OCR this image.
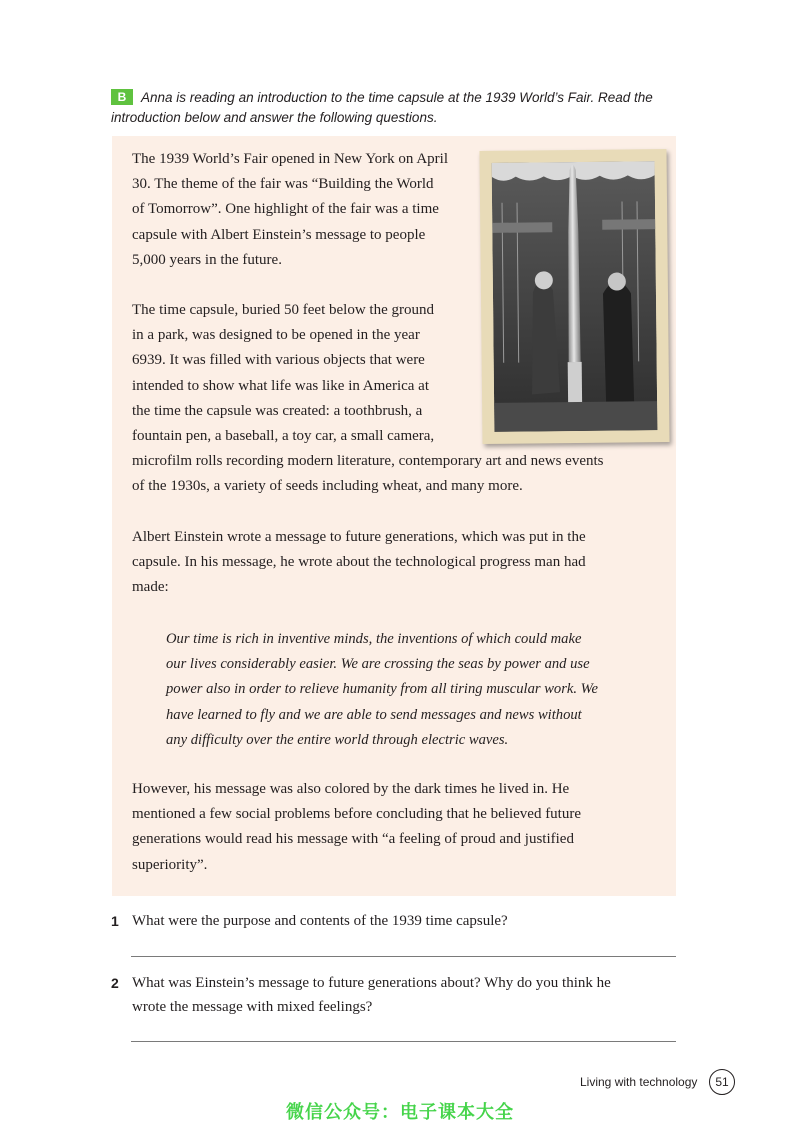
B Anna is reading an introduction to the time capsule at the 1939 World’s Fair. Read the
introduction below and answer the following questions.

The 1939 World’s Fair opened in New York on April
30. The theme of the fair was “Building the World
of Tomorrow”. One highlight of the fair was a time
capsule with Albert Einstein’s message to people
5,000 years in the future.

The time capsule, buried 50 feet below the ground
in a park, was designed to be opened in the year
6939. It was filled with various objects that were
intended to show what life was like in America at
the time the capsule was created: a toothbrush, a
fountain pen, a baseball, a toy car, a small camera,
microfilm rolls recording modern literature, contemporary art and news events
of the 1930s, a variety of seeds including wheat, and many more.

Albert Einstein wrote a message to future generations, which was put in the
capsule. In his message, he wrote about the technological progress man had
made:

Our time is rich in inventive minds, the inventions of which could make
our lives considerably easier. We are crossing the seas by power and use
power also in order to relieve humanity from all tiring muscular work. We
have learned to fly and we are able to send messages and news without
any difficulty over the entire world through electric waves.

However, his message was also colored by the dark times he lived in. He
mentioned a few social problems before concluding that he believed future
generations would read his message with “a feeling of proud and justified
superiority”.

1 What were the purpose and contents of the 1939 time capsule?
2 What was Einstein’s message to future generations about? Why do you think he
wrote the message with mixed feelings?
Living with technology	51
微信公众号：电子课本大全
